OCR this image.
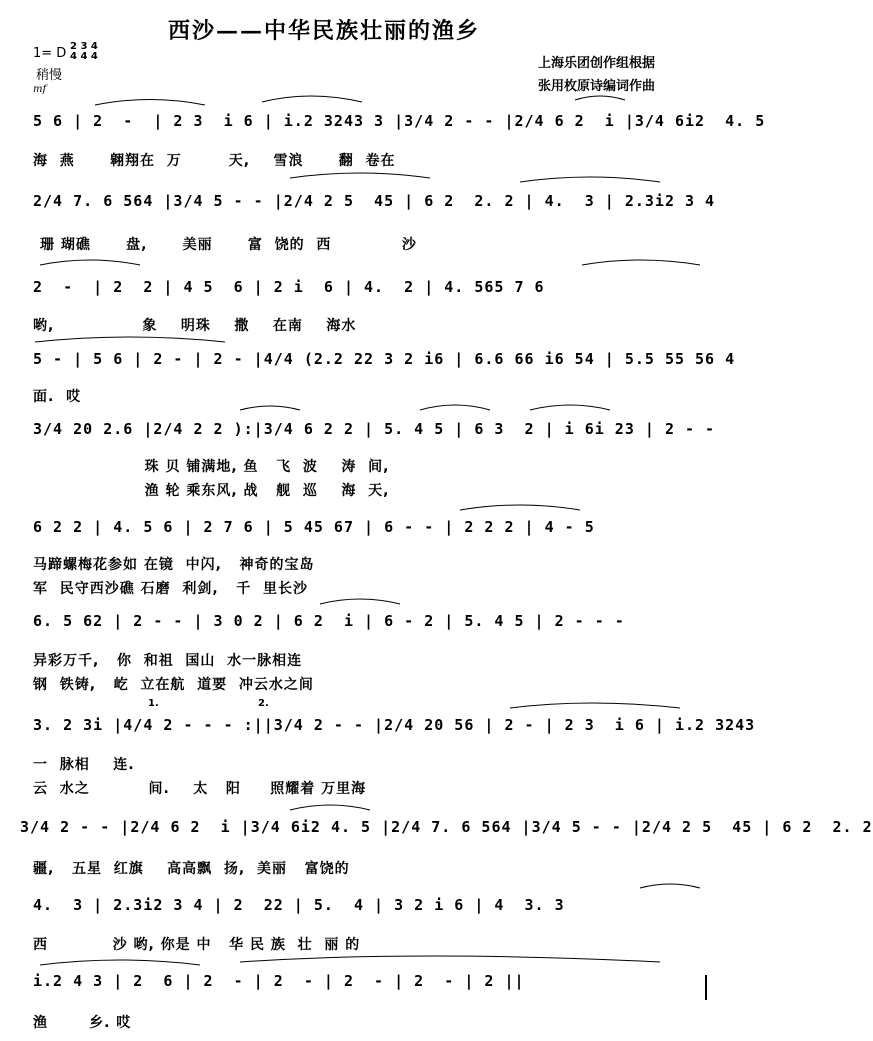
西沙——中华民族壮丽的渔乡
1= D 2 3 4
4 4 4
稍慢
mf
上海乐团创作组根据
张用枚原诗编词作曲
5 6 | 2  -  | 2 3  i 6 | i.2 3243 3 |3/4 2 - - |2/4 6 2  i |3/4 6i2  4. 5
海  燕      翱翔在  万        天,    雪浪      翻  卷在
2/4 7. 6 564 |3/4 5 - - |2/4 2 5  45 | 6 2  2. 2 | 4.  3 | 2.3i2 3 4
珊 瑚礁      盘,      美丽      富  饶的  西            沙
2  -  | 2  2 | 4 5  6 | 2 i  6 | 4.  2 | 4. 565 7 6
哟,               象    明珠    撒    在南    海水
5 - | 5 6 | 2 - | 2 - |4/4 (2.2 22 3 2 i6 | 6.6 66 i6 54 | 5.5 55 56 4
面.  哎
3/4 20 2.6 |2/4 2 2 ):|3/4 6 2 2 | 5. 4 5 | 6 3  2 | i 6i 23 | 2 - -
珠 贝 铺满地, 鱼   飞  波    涛  间,
渔 轮 乘东风, 战   舰  巡    海  天,
6 2 2 | 4. 5 6 | 2 7 6 | 5 45 67 | 6 - - | 2 2 2 | 4 - 5
马蹄螺梅花参如 在镜  中闪,   神奇的宝岛
军  民守西沙礁 石磨  利剑,   千  里长沙
6. 5 62 | 2 - - | 3 0 2 | 6 2  i | 6 - 2 | 5. 4 5 | 2 - - -
异彩万千,   你  和祖  国山  水一脉相连
钢  铁铸,   屹  立在航  道要  冲云水之间
1.	2.
3. 2 3i |4/4 2 - - - :||3/4 2 - - |2/4 20 56 | 2 - | 2 3  i 6 | i.2 3243
一  脉相    连.
云  水之          间.    太   阳     照耀着 万里海
3/4 2 - - |2/4 6 2  i |3/4 6i2 4. 5 |2/4 7. 6 564 |3/4 5 - - |2/4 2 5  45 | 6 2  2. 2
疆,   五星  红旗    高高飘  扬,  美丽   富饶的
4.  3 | 2.3i2 3 4 | 2  22 | 5.  4 | 3 2 i 6 | 4  3. 3
西           沙 哟, 你是 中   华 民 族  壮  丽 的
i.2 4 3 | 2  6 | 2  - | 2  - | 2  - | 2  - | 2 ||
渔       乡. 哎
